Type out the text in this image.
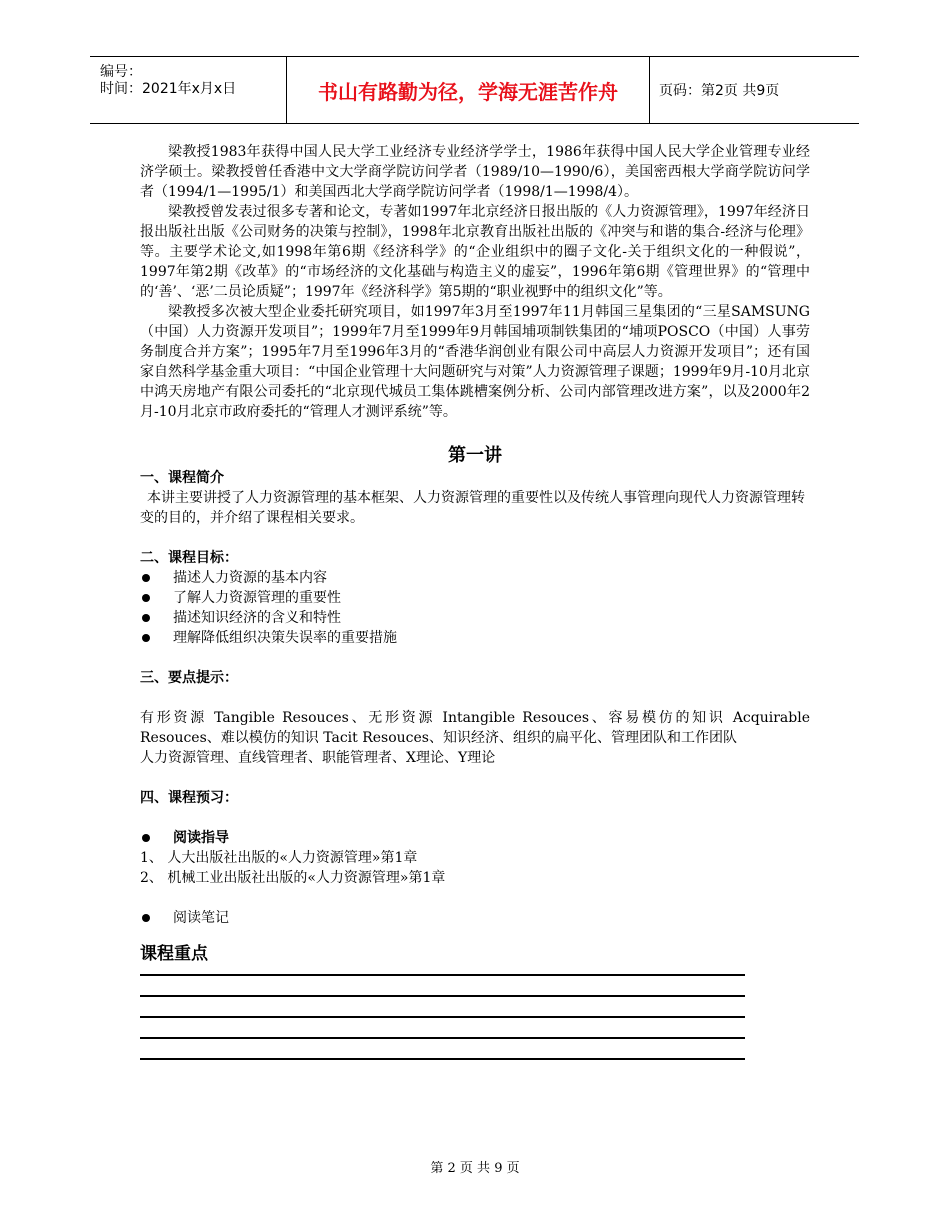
编号：
时间：2021年x月x日	书山有路勤为径，学海无涯苦作舟	页码：第2页 共9页

梁教授1983年获得中国人民大学工业经济专业经济学学士，1986年获得中国人民大学企业管理专业经济学硕士。梁教授曾任香港中文大学商学院访问学者（1989/10—1990/6），美国密西根大学商学院访问学者（1994/1—1995/1）和美国西北大学商学院访问学者（1998/1—1998/4）。

梁教授曾发表过很多专著和论文，专著如1997年北京经济日报出版的《人力资源管理》，1997年经济日报出版社出版《公司财务的决策与控制》，1998年北京教育出版社出版的《冲突与和谐的集合-经济与伦理》等。主要学术论文,如1998年第6期《经济科学》的“企业组织中的圈子文化-关于组织文化的一种假说”，1997年第2期《改革》的“市场经济的文化基础与构造主义的虚妄”，1996年第6期《管理世界》的“管理中的‘善’、‘恶’二员论质疑”；1997年《经济科学》第5期的“职业视野中的组织文化”等。

梁教授多次被大型企业委托研究项目，如1997年3月至1997年11月韩国三星集团的“三星SAMSUNG（中国）人力资源开发项目”；1999年7月至1999年9月韩国埔项制铁集团的“埔项POSCO（中国）人事劳务制度合并方案”；1995年7月至1996年3月的“香港华润创业有限公司中高层人力资源开发项目”；还有国家自然科学基金重大项目：“中国企业管理十大问题研究与对策”人力资源管理子课题；1999年9月-10月北京中鸿天房地产有限公司委托的“北京现代城员工集体跳槽案例分析、公司内部管理改进方案”，以及2000年2月-10月北京市政府委托的“管理人才测评系统”等。

第一讲

一、课程简介

本讲主要讲授了人力资源管理的基本框架、人力资源管理的重要性以及传统人事管理向现代人力资源管理转变的目的，并介绍了课程相关要求。

二、课程目标：

描述人力资源的基本内容
了解人力资源管理的重要性
描述知识经济的含义和特性
理解降低组织决策失误率的重要措施

三、要点提示：

有形资源 Tangible Resouces、无形资源 Intangible Resouces、容易模仿的知识 Acquirable Resouces、难以模仿的知识 Tacit Resouces、知识经济、组织的扁平化、管理团队和工作团队

人力资源管理、直线管理者、职能管理者、X理论、Y理论

四、课程预习：

阅读指导
1、 人大出版社出版的«人力资源管理»第1章
2、 机械工业出版社出版的«人力资源管理»第1章
阅读笔记

课程重点

第 2 页 共 9 页
